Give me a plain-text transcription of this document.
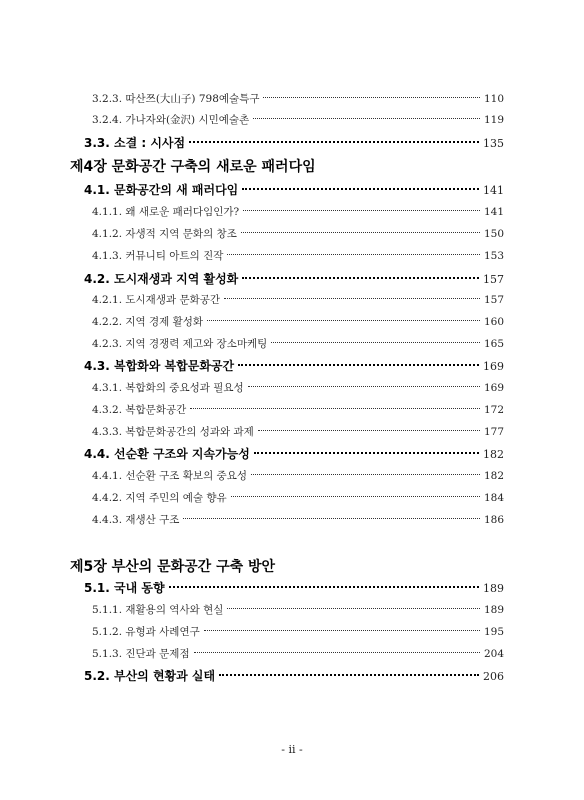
3.2.3. 따산쯔(大山子) 798예술특구	110
3.2.4. 가나자와(金沢) 시민예술촌	119
3.3. 소결 : 시사점	135
제4장 문화공간 구축의 새로운 패러다임
4.1. 문화공간의 새 패러다임	141
4.1.1. 왜 새로운 패러다임인가?	141
4.1.2. 자생적 지역 문화의 창조	150
4.1.3. 커뮤니티 아트의 진작	153
4.2. 도시재생과 지역 활성화	157
4.2.1. 도시재생과 문화공간	157
4.2.2. 지역 경제 활성화	160
4.2.3. 지역 경쟁력 제고와 장소마케팅	165
4.3. 복합화와 복합문화공간	169
4.3.1. 복합화의 중요성과 필요성	169
4.3.2. 복합문화공간	172
4.3.3. 복합문화공간의 성과와 과제	177
4.4. 선순환 구조와 지속가능성	182
4.4.1. 선순환 구조 확보의 중요성	182
4.4.2. 지역 주민의 예술 향유	184
4.4.3. 재생산 구조	186
제5장 부산의 문화공간 구축 방안
5.1. 국내 동향	189
5.1.1. 재활용의 역사와 현실	189
5.1.2. 유형과 사례연구	195
5.1.3. 진단과 문제점	204
5.2. 부산의 현황과 실태	206
- ii -
